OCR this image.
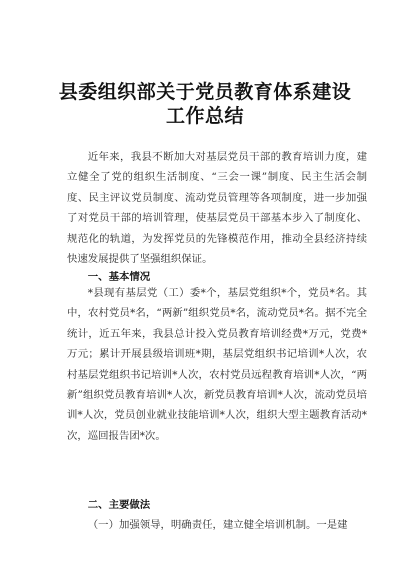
县委组织部关于党员教育体系建设
工作总结

近年来，我县不断加大对基层党员干部的教育培训力度，建立健全了党的组织生活制度、“三会一课”制度、民主生活会制度、民主评议党员制度、流动党员管理等各项制度，进一步加强了对党员干部的培训管理，使基层党员干部基本步入了制度化、规范化的轨道，为发挥党员的先锋模范作用，推动全县经济持续快速发展提供了坚强组织保证。

一、基本情况

*县现有基层党（工）委*个，基层党组织*个，党员*名。其中，农村党员*名，“两新”组织党员*名，流动党员*名。据不完全统计，近五年来，我县总计投入党员教育培训经费*万元，党费*万元；累计开展县级培训班*期，基层党组织书记培训*人次，农村基层党组织书记培训*人次，农村党员远程教育培训*人次，“两新”组织党员教育培训*人次，新党员教育培训*人次，流动党员培训*人次，党员创业就业技能培训*人次，组织大型主题教育活动*次，巡回报告团*次。

二、主要做法

（一）加强领导，明确责任，建立健全培训机制。一是建
